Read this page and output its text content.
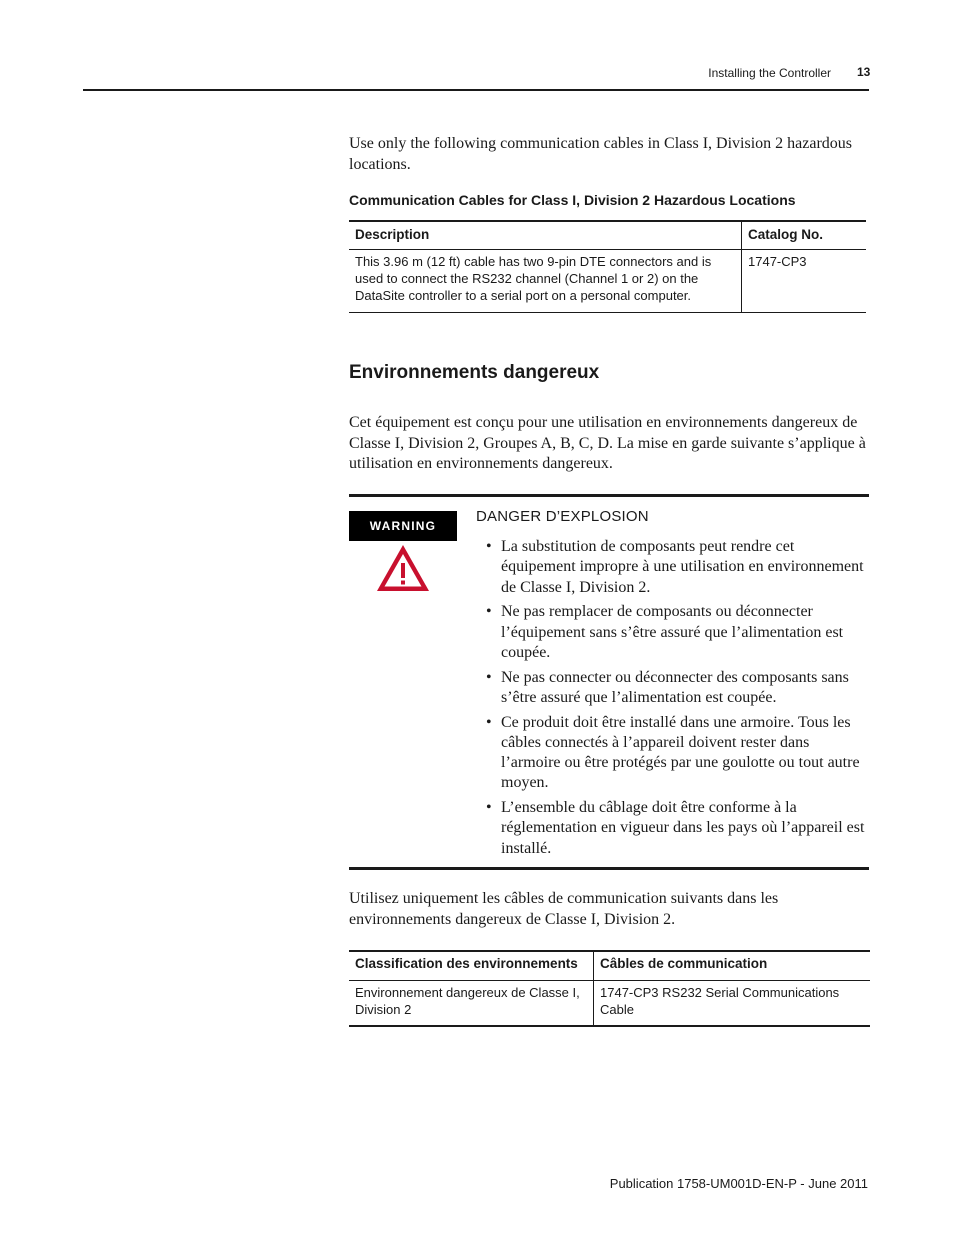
Installing the Controller 13

Use only the following communication cables in Class I, Division 2 hazardous locations.

Communication Cables for Class I, Division 2 Hazardous Locations
Description	Catalog No.
This 3.96 m (12 ft) cable has two 9-pin DTE connectors and is used to connect the RS232 channel (Channel 1 or 2) on the DataSite controller to a serial port on a personal computer.	1747-CP3
Environnements dangereux

Cet équipement est conçu pour une utilisation en environnements dangereux de Classe I, Division 2, Groupes A, B, C, D. La mise en garde suivante s’applique à utilisation en environnements dangereux.

WARNING
DANGER D’EXPLOSION
• La substitution de composants peut rendre cet équipement impropre à une utilisation en environnement de Classe I, Division 2.
• Ne pas remplacer de composants ou déconnecter l’équipement sans s’être assuré que l’alimentation est coupée.
• Ne pas connecter ou déconnecter des composants sans s’être assuré que l’alimentation est coupée.
• Ce produit doit être installé dans une armoire. Tous les câbles connectés à l’appareil doivent rester dans l’armoire ou être protégés par une goulotte ou tout autre moyen.
• L’ensemble du câblage doit être conforme à la réglementation en vigueur dans les pays où l’appareil est installé.

Utilisez uniquement les câbles de communication suivants dans les environnements dangereux de Classe I, Division 2.

Classification des environnements	Câbles de communication
Environnement dangereux de Classe I, Division 2	1747-CP3 RS232 Serial Communications Cable
Publication 1758-UM001D-EN-P - June 2011
